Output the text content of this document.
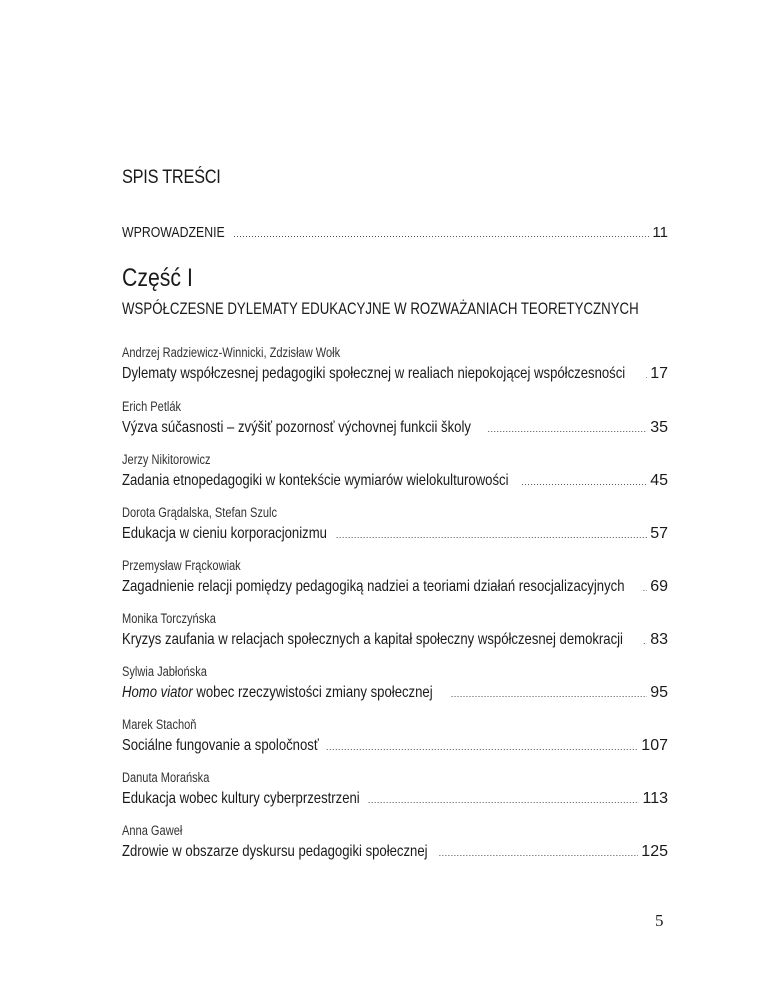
SPIS TREŚCI
WPROWADZENIE .....	11
Część I
WSPÓŁCZESNE DYLEMATY EDUKACYJNE W ROZWAŻANIACH TEORETYCZNYCH
Andrzej Radziewicz-Winnicki, Zdzisław Wołk
Dylematy współczesnej pedagogiki społecznej w realiach niepokojącej współczesności ..... 17
Erich Petlák
Výzva súčasnosti – zvýšiť pozornosť výchovnej funkcii školy .....	35
Jerzy Nikitorowicz
Zadania etnopedagogiki w kontekście wymiarów wielokulturowości .....	45
Dorota Grądalska, Stefan Szulc
Edukacja w cieniu korporacjonizmu .....	57
Przemysław Frąckowiak
Zagadnienie relacji pomiędzy pedagogiką nadziei a teoriami działań resocjalizacyjnych ..... 69
Monika Torczyńska
Kryzys zaufania w relacjach społecznych a kapitał społeczny współczesnej demokracji ..... 83
Sylwia Jabłońska
Homo viator wobec rzeczywistości zmiany społecznej .....	95
Marek Stachoň
Sociálne fungovanie a spoločnosť .....	107
Danuta Morańska
Edukacja wobec kultury cyberprzestrzeni .....	113
Anna Gaweł
Zdrowie w obszarze dyskursu pedagogiki społecznej .....	125
5
